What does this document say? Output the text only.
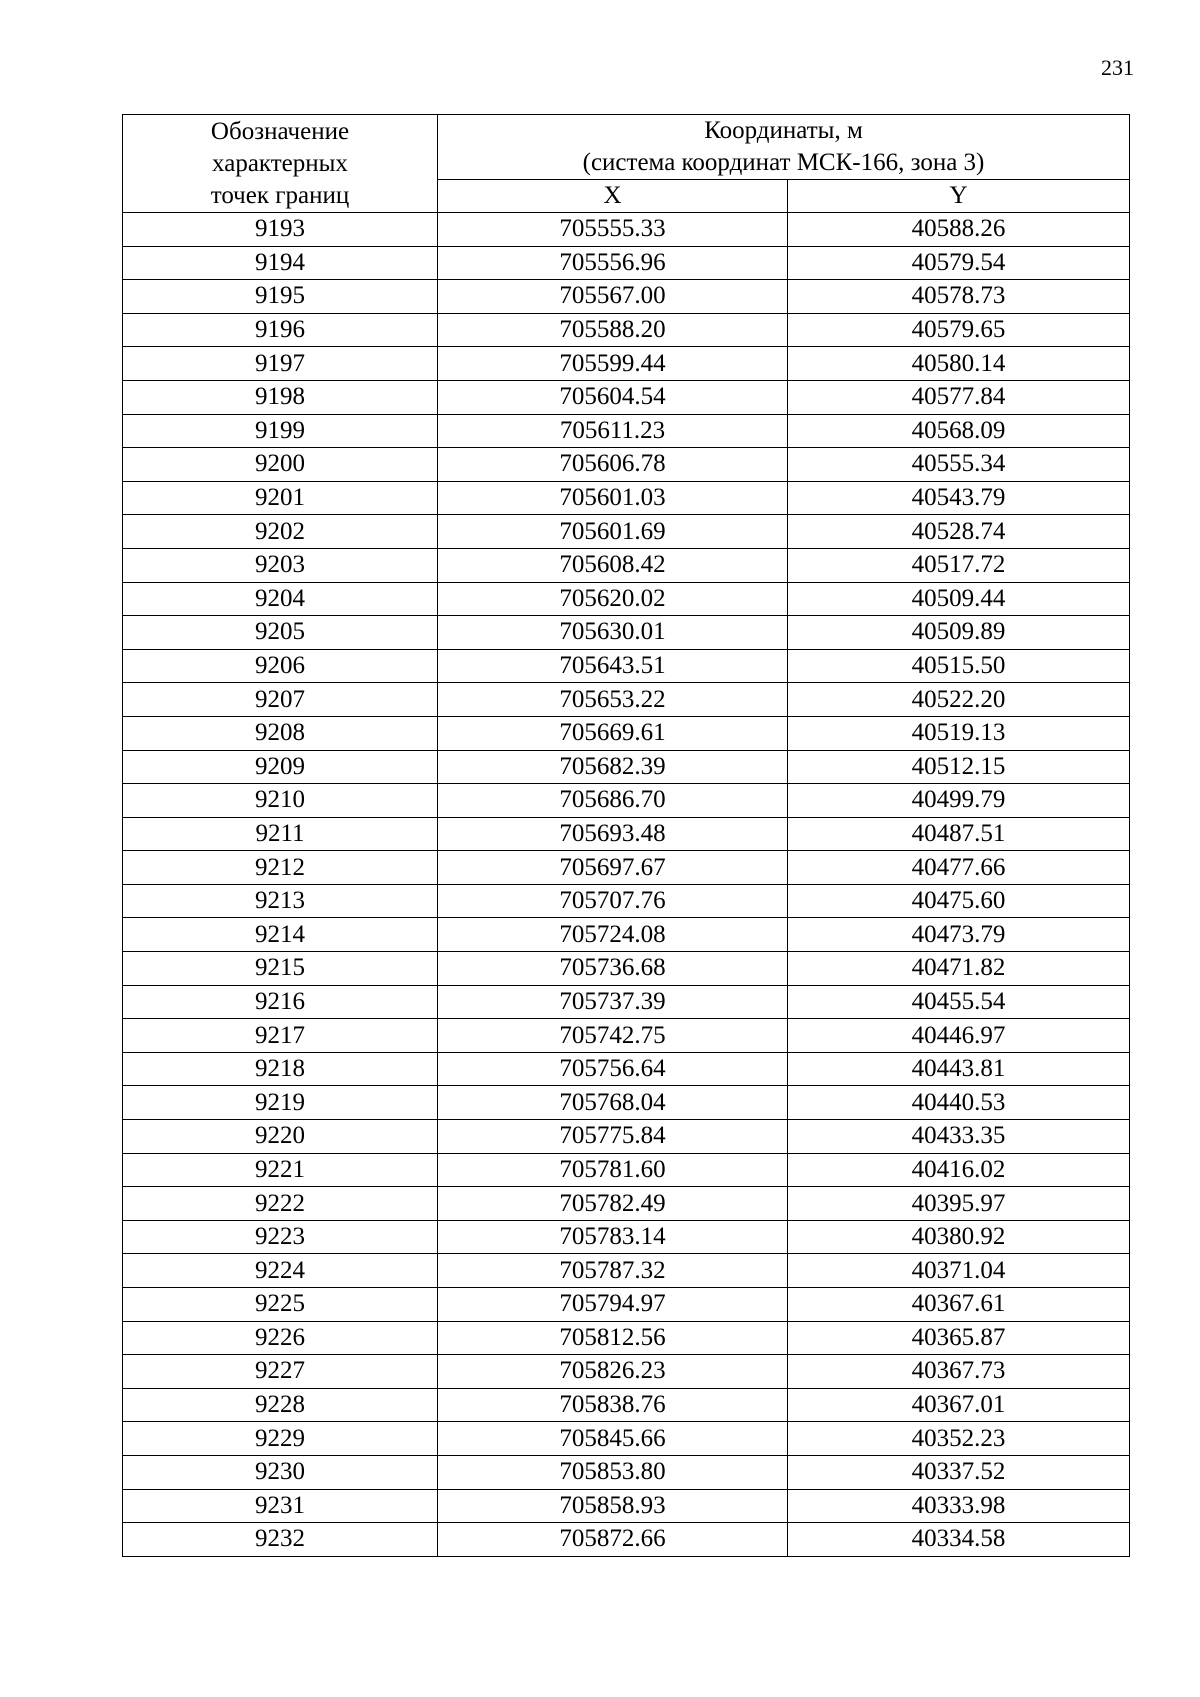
231
Обозначение
характерных
точек границ	Координаты, м
(система координат МСК-166, зона 3)	

	X	Y
9193	705555.33	40588.26
9194	705556.96	40579.54
9195	705567.00	40578.73
9196	705588.20	40579.65
9197	705599.44	40580.14
9198	705604.54	40577.84
9199	705611.23	40568.09
9200	705606.78	40555.34
9201	705601.03	40543.79
9202	705601.69	40528.74
9203	705608.42	40517.72
9204	705620.02	40509.44
9205	705630.01	40509.89
9206	705643.51	40515.50
9207	705653.22	40522.20
9208	705669.61	40519.13
9209	705682.39	40512.15
9210	705686.70	40499.79
9211	705693.48	40487.51
9212	705697.67	40477.66
9213	705707.76	40475.60
9214	705724.08	40473.79
9215	705736.68	40471.82
9216	705737.39	40455.54
9217	705742.75	40446.97
9218	705756.64	40443.81
9219	705768.04	40440.53
9220	705775.84	40433.35
9221	705781.60	40416.02
9222	705782.49	40395.97
9223	705783.14	40380.92
9224	705787.32	40371.04
9225	705794.97	40367.61
9226	705812.56	40365.87
9227	705826.23	40367.73
9228	705838.76	40367.01
9229	705845.66	40352.23
9230	705853.80	40337.52
9231	705858.93	40333.98
9232	705872.66	40334.58
